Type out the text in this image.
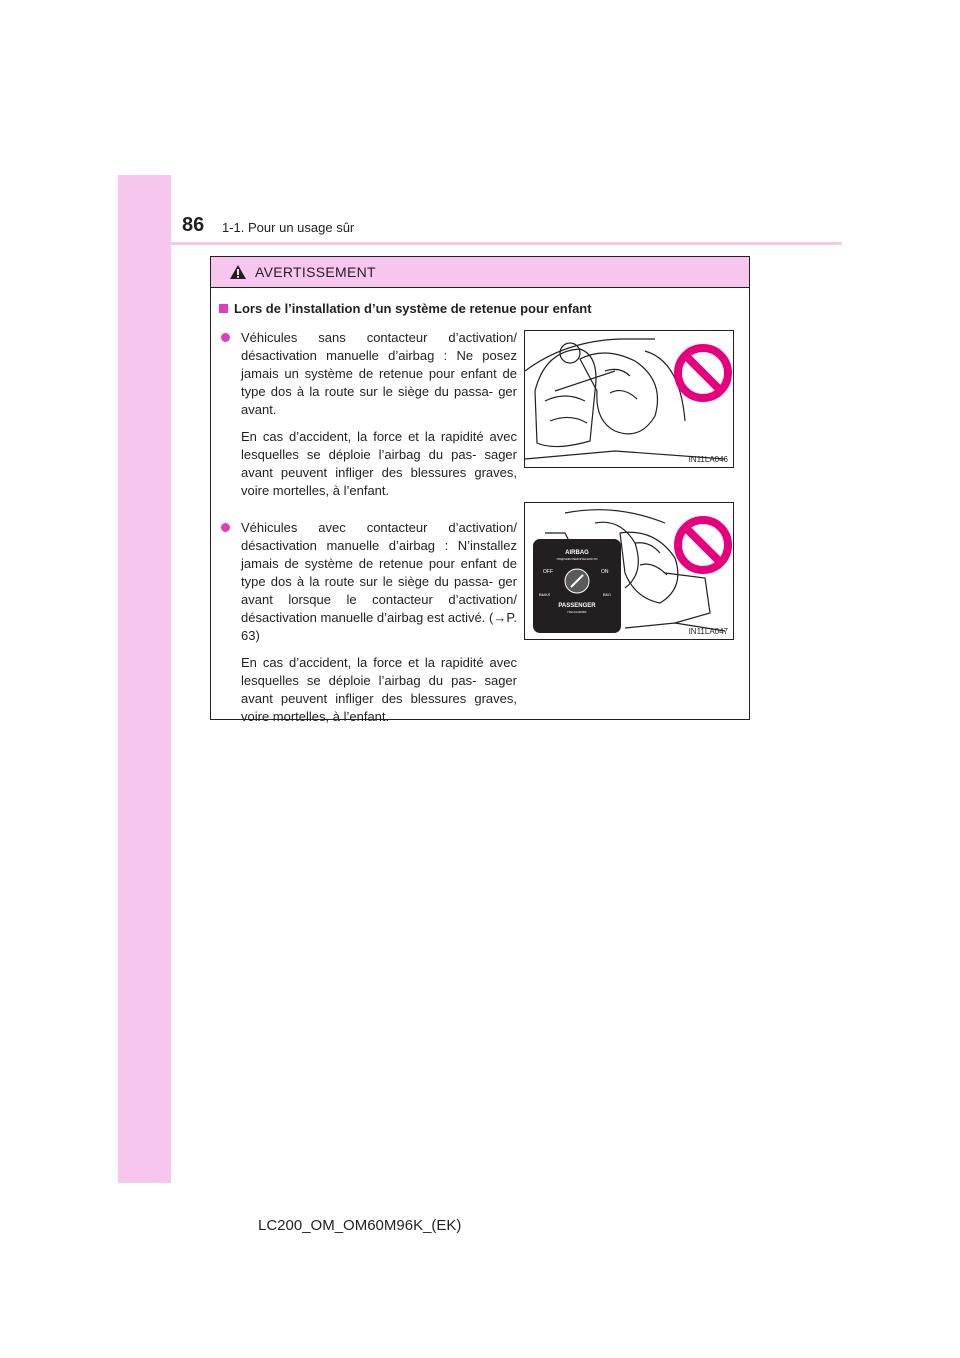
86 1-1. Pour un usage sûr
AVERTISSEMENT
Lors de l’installation d’un système de retenue pour enfant

Véhicules sans contacteur d’activation/ désactivation manuelle d’airbag : Ne posez jamais un système de retenue pour enfant de type dos à la route sur le siège du passa- ger avant.

En cas d’accident, la force et la rapidité avec lesquelles se déploie l’airbag du pas- sager avant peuvent infliger des blessures graves, voire mortelles, à l’enfant.

IN11LA046

Véhicules avec contacteur d’activation/ désactivation manuelle d’airbag : N’installez jamais de système de retenue pour enfant de type dos à la route sur le siège du passa- ger avant lorsque le contacteur d’activation/ désactivation manuelle d’airbag est activé. (→P. 63)

En cas d’accident, la force et la rapidité avec lesquelles se déploie l’airbag du pas- sager avant peuvent infliger des blessures graves, voire mortelles, à l’enfant.

AIRBAG
ПОДУШКИ БЕЗОПАСНОСТИ
OFF	ON
ВЫКЛ	ВКЛ
PASSENGER
ПАССАЖИРА
IN11LA047
LC200_OM_OM60M96K_(EK)
